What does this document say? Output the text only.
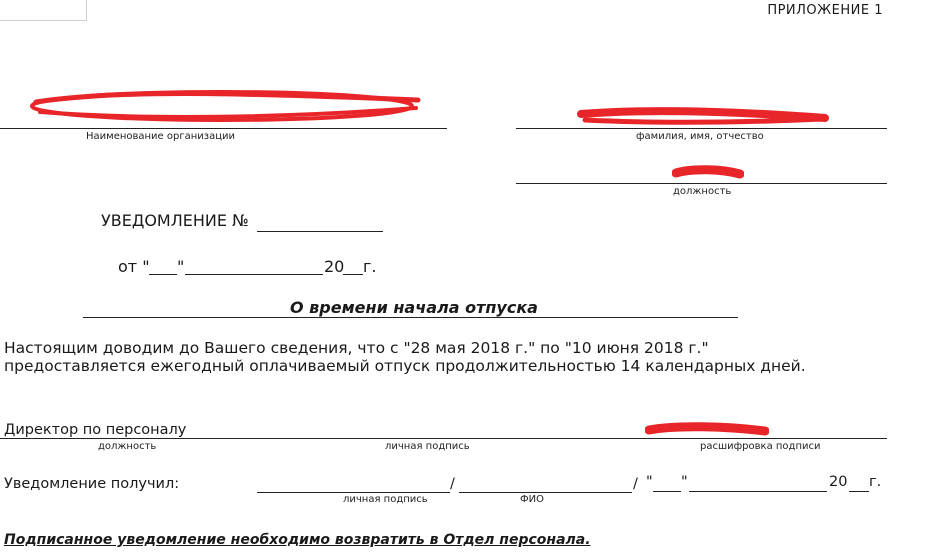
ПРИЛОЖЕНИЕ 1
Наименование организации	фамилия, имя, отчество
должность
УВЕДОМЛЕНИЕ №
от " "	20 г.
О времени начала отпуска
Настоящим доводим до Вашего сведения, что с "28 мая 2018 г." по "10 июня 2018 г."
предоставляется ежегодный оплачиваемый отпуск продолжительностью 14 календарных дней.
Директор по персоналу
должность	личная подпись	расшифровка подписи
Уведомление получил:	/	/ " "	20 г.
личная подпись	ФИО
Подписанное уведомление необходимо возвратить в Отдел персонала.
